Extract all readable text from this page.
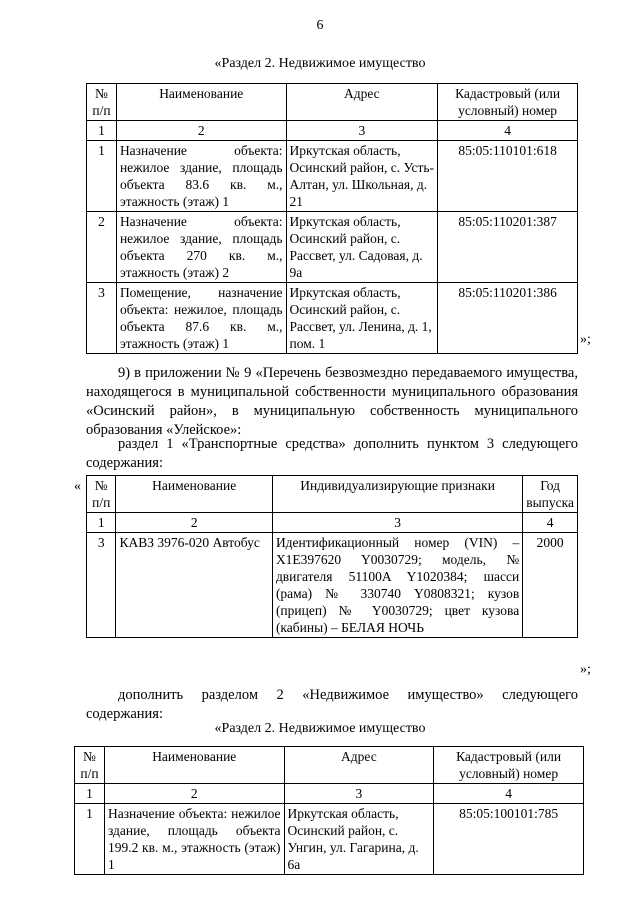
6
«Раздел 2. Недвижимое имущество
№ п/п	Наименование	Адрес	Кадастровый (или условный) номер
1	2	3	4
1	Назначение объекта: нежилое здание, площадь объекта 83.6 кв. м., этажность (этаж) 1	Иркутская область, Осинский район, с. Усть-Алтан, ул. Школьная, д. 21	85:05:110101:618
2	Назначение объекта: нежилое здание, площадь объекта 270 кв. м., этажность (этаж) 2	Иркутская область, Осинский район, с. Рассвет, ул. Садовая, д. 9а	85:05:110201:387
3	Помещение, назначение объекта: нежилое, площадь объекта 87.6 кв. м., этажность (этаж) 1	Иркутская область, Осинский район, с. Рассвет, ул. Ленина, д. 1, пом. 1	85:05:110201:386
»;
9) в приложении № 9 «Перечень безвозмездно передаваемого имущества, находящегося в муниципальной собственности муниципального образования «Осинский район», в муниципальную собственность муниципального образования «Улейское»:
раздел 1 «Транспортные средства» дополнить пунктом 3 следующего содержания:
« № п/п	Наименование	Индивидуализирующие признаки	Год выпуска
1	2	3	4
3	КАВЗ 3976-020 Автобус	Идентификационный номер (VIN) – X1E397620 Y0030729; модель, № двигателя 51100A Y1020384; шасси (рама) № 330740 Y0808321; кузов (прицеп) № Y0030729; цвет кузова (кабины) – БЕЛАЯ НОЧЬ	2000
»;
дополнить разделом 2 «Недвижимое имущество» следующего содержания:
«Раздел 2. Недвижимое имущество
№ п/п	Наименование	Адрес	Кадастровый (или условный) номер
1	2	3	4
1	Назначение объекта: нежилое здание, площадь объекта 199.2 кв. м., этажность (этаж) 1	Иркутская область, Осинский район, с. Унгин, ул. Гагарина, д. 6а	85:05:100101:785
